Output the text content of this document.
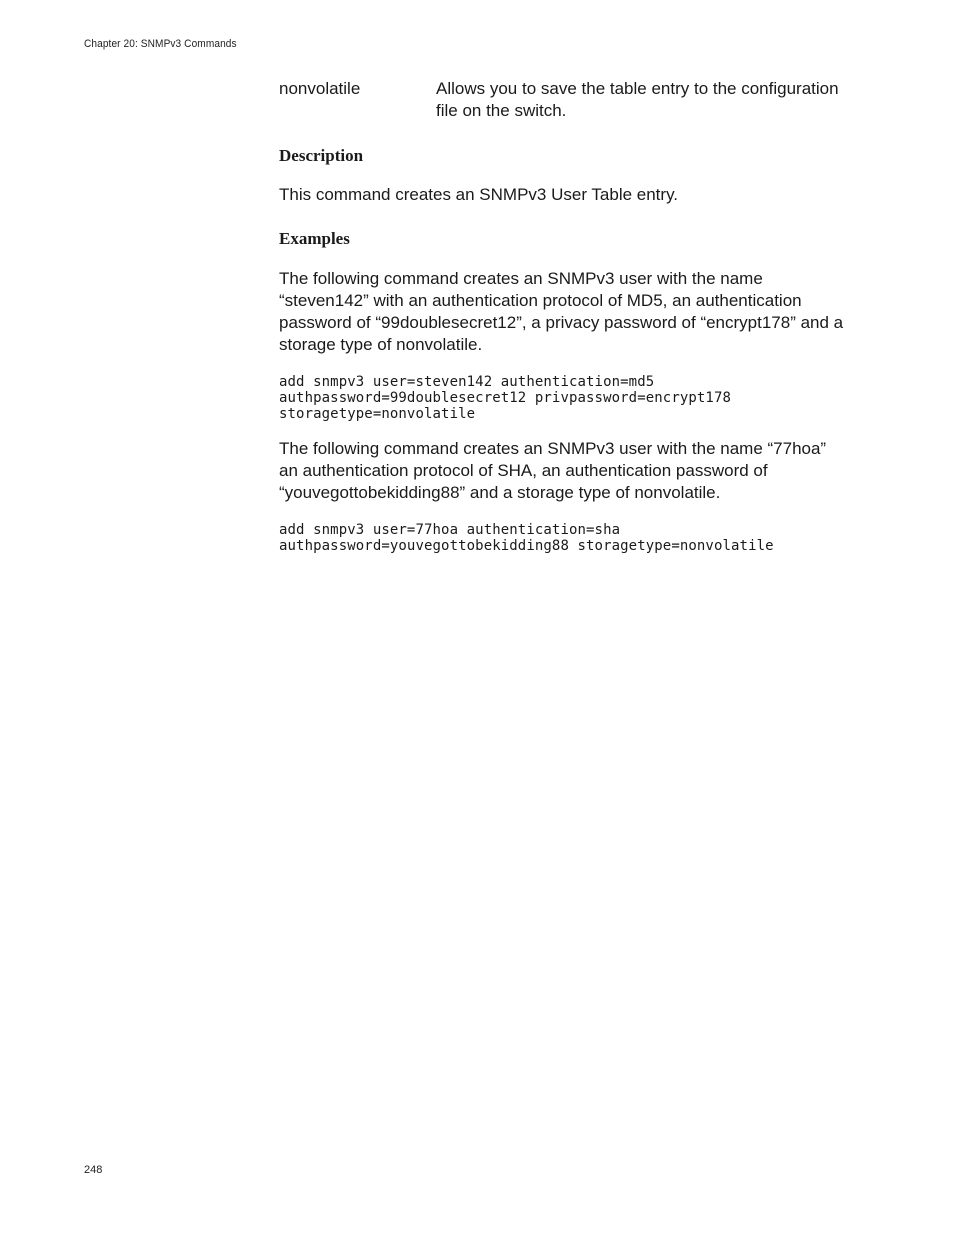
Chapter 20: SNMPv3 Commands
nonvolatile	Allows you to save the table entry to the configuration file on the switch.
Description

This command creates an SNMPv3 User Table entry.

Examples

The following command creates an SNMPv3 user with the name “steven142” with an authentication protocol of MD5, an authentication password of “99doublesecret12”, a privacy password of “encrypt178” and a storage type of nonvolatile.

add snmpv3 user=steven142 authentication=md5
authpassword=99doublesecret12 privpassword=encrypt178
storagetype=nonvolatile

The following command creates an SNMPv3 user with the name “77hoa” an authentication protocol of SHA, an authentication password of “youvegottobekidding88” and a storage type of nonvolatile.

add snmpv3 user=77hoa authentication=sha
authpassword=youvegottobekidding88 storagetype=nonvolatile
248
